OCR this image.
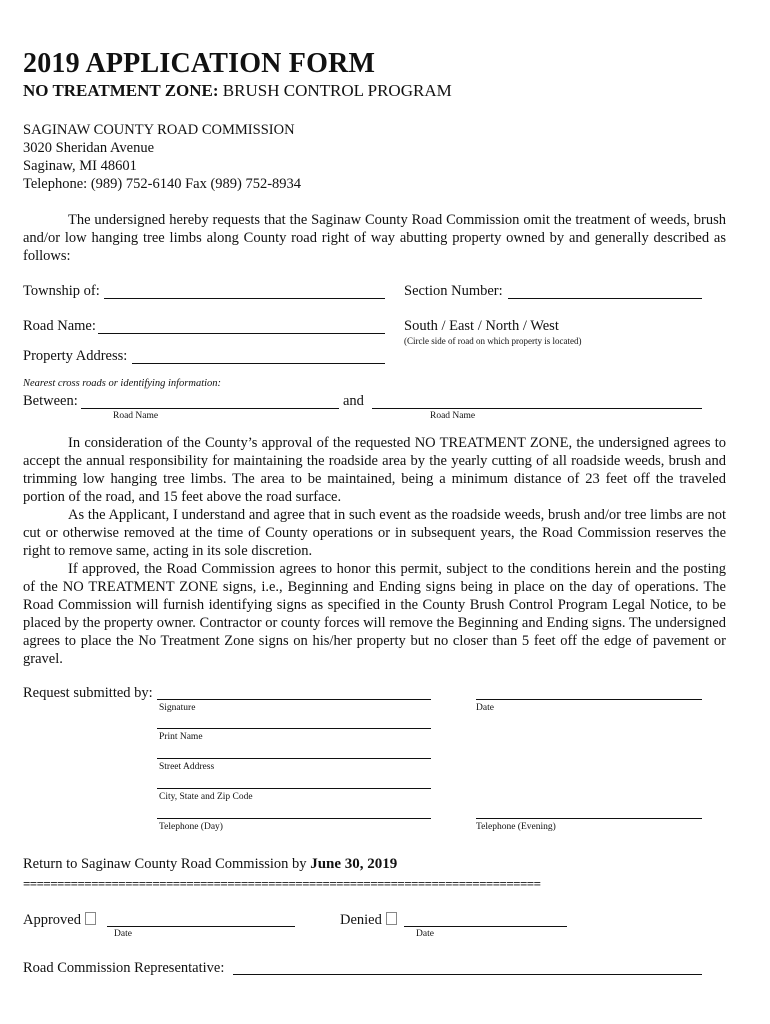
2019 APPLICATION FORM
NO TREATMENT ZONE: BRUSH CONTROL PROGRAM
SAGINAW COUNTY ROAD COMMISSION
3020 Sheridan Avenue
Saginaw, MI 48601
Telephone: (989) 752-6140 Fax (989) 752-8934

The undersigned hereby requests that the Saginaw County Road Commission omit the treatment of weeds, brush and/or low hanging tree limbs along County road right of way abutting property owned by and generally described as follows:

Township of:	Section Number:
Road Name:	South / East / North / West
(Circle side of road on which property is located)
Property Address:
Nearest cross roads or identifying information:
Between:	and
Road Name	Road Name

In consideration of the County’s approval of the requested NO TREATMENT ZONE, the undersigned agrees to accept the annual responsibility for maintaining the roadside area by the yearly cutting of all roadside weeds, brush and trimming low hanging tree limbs. The area to be maintained, being a minimum distance of 23 feet off the traveled portion of the road, and 15 feet above the road surface.

As the Applicant, I understand and agree that in such event as the roadside weeds, brush and/or tree limbs are not cut or otherwise removed at the time of County operations or in subsequent years, the Road Commission reserves the right to remove same, acting in its sole discretion.

If approved, the Road Commission agrees to honor this permit, subject to the conditions herein and the posting of the NO TREATMENT ZONE signs, i.e., Beginning and Ending signs being in place on the day of operations. The Road Commission will furnish identifying signs as specified in the County Brush Control Program Legal Notice, to be placed by the property owner. Contractor or county forces will remove the Beginning and Ending signs. The undersigned agrees to place the No Treatment Zone signs on his/her property but no closer than 5 feet off the edge of pavement or gravel.

Request submitted by:
Signature	Date
Print Name
Street Address
City, State and Zip Code
Telephone (Day)	Telephone (Evening)
Return to Saginaw County Road Commission by June 30, 2019
============================================================================
Approved
Date
Denied
Date
Road Commission Representative:
